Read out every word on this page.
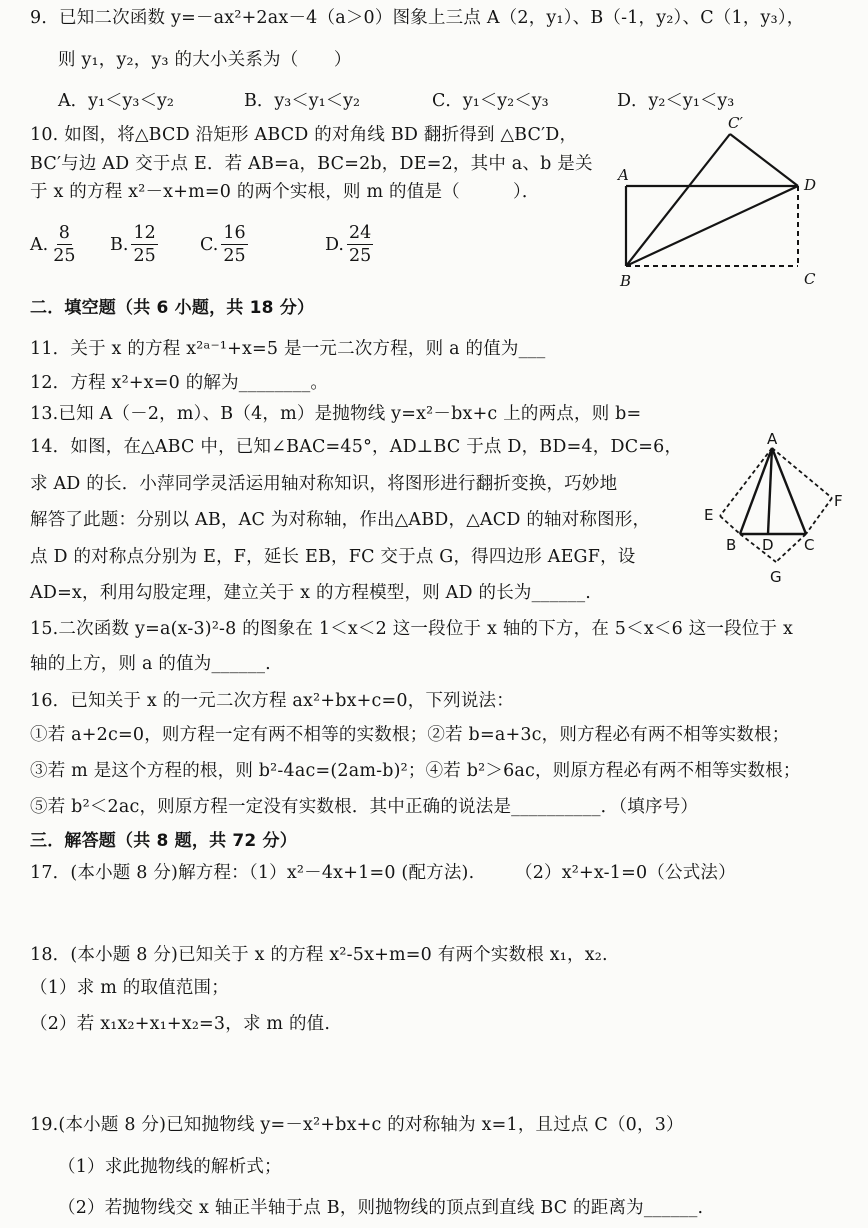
9．已知二次函数 y=－ax²+2ax－4（a＞0）图象上三点 A（2，y₁）、B（-1，y₂）、C（1，y₃），
则 y₁，y₂，y₃ 的大小关系为（　　）
A．y₁＜y₃＜y₂	B．y₃＜y₁＜y₂	C．y₁＜y₂＜y₃	D．y₂＜y₁＜y₃
10. 如图，将△BCD 沿矩形 ABCD 的对角线 BD 翻折得到 △BC′D，
BC′与边 AD 交于点 E．若 AB=a，BC=2b，DE=2，其中 a、b 是关
于 x 的方程 x²－x+m=0 的两个实根，则 m 的值是（　　　）．
A. $\frac{8}{25} B$. $\frac{12}{25} C$. $\frac{16}{25}$	D. $\frac{24}{25}$
C′
A
D
B	C
二．填空题（共 6 小题，共 18 分）
11．关于 x 的方程 x²ᵃ⁻¹+x=5 是一元二次方程，则 a 的值为___
12．方程 x²+x=0 的解为________。
13.已知 A（－2，m）、B（4，m）是抛物线 y=x²－bx+c 上的两点，则 b=
14．如图，在△ABC 中，已知∠BAC=45°，AD⊥BC 于点 D，BD=4，DC=6，
求 AD 的长．小萍同学灵活运用轴对称知识，将图形进行翻折变换，巧妙地
解答了此题：分别以 AB，AC 为对称轴，作出△ABD，△ACD 的轴对称图形，
点 D 的对称点分别为 E，F，延长 EB，FC 交于点 G，得四边形 AEGF，设
AD=x，利用勾股定理，建立关于 x 的方程模型，则 AD 的长为______.
A
E
F
B D C
G
15.二次函数 y=a(x-3)²-8 的图象在 1＜x＜2 这一段位于 x 轴的下方，在 5＜x＜6 这一段位于 x
轴的上方，则 a 的值为______.
16．已知关于 x 的一元二次方程 ax²+bx+c=0，下列说法：
①若 a+2c=0，则方程一定有两不相等的实数根；②若 b=a+3c，则方程必有两不相等实数根；
③若 m 是这个方程的根，则 b²-4ac=(2am-b)²；④若 b²＞6ac，则原方程必有两不相等实数根；
⑤若 b²＜2ac，则原方程一定没有实数根．其中正确的说法是__________．（填序号）
三．解答题（共 8 题，共 72 分）
17．(本小题 8 分)解方程：（1）x²－4x+1=0 (配方法). （2）x²+x-1=0（公式法）
18．(本小题 8 分)已知关于 x 的方程 x²-5x+m=0 有两个实数根 x₁，x₂.
（1）求 m 的取值范围；
（2）若 x₁x₂+x₁+x₂=3，求 m 的值.
19.(本小题 8 分)已知抛物线 y=－x²+bx+c 的对称轴为 x=1，且过点 C（0，3）
（1）求此抛物线的解析式；
（2）若抛物线交 x 轴正半轴于点 B，则抛物线的顶点到直线 BC 的距离为______.
